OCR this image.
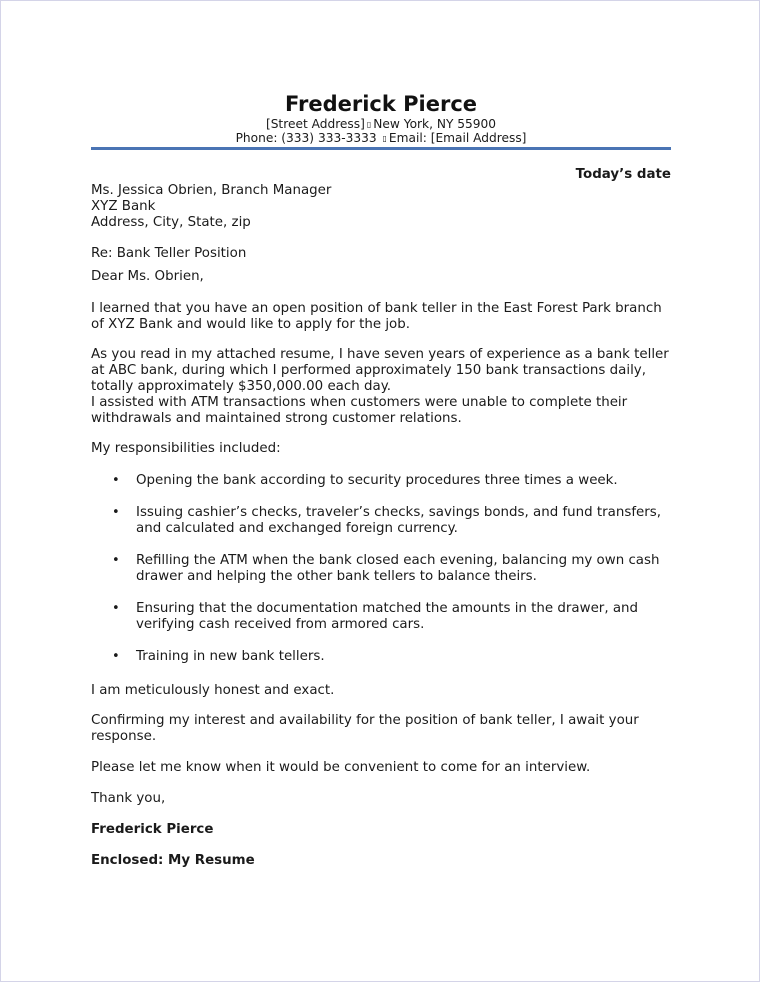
Frederick Pierce
[Street Address] ▯ New York, NY 55900
Phone: (333) 333-3333 ▯ Email: [Email Address]
Today’s date

Ms. Jessica Obrien, Branch Manager

XYZ Bank

Address, City, State, zip

Re: Bank Teller Position
Dear Ms. Obrien,
I learned that you have an open position of bank teller in the East Forest Park branch of XYZ Bank and would like to apply for the job.

As you read in my attached resume, I have seven years of experience as a bank teller at ABC bank, during which I performed approximately 150 bank transactions daily, totally approximately $350,000.00 each day.

I assisted with ATM transactions when customers were unable to complete their withdrawals and maintained strong customer relations.

My responsibilities included:
• Opening the bank according to security procedures three times a week.
• Issuing cashier’s checks, traveler’s checks, savings bonds, and fund transfers, and calculated and exchanged foreign currency.
• Refilling the ATM when the bank closed each evening, balancing my own cash drawer and helping the other bank tellers to balance theirs.
• Ensuring that the documentation matched the amounts in the drawer, and verifying cash received from armored cars.
• Training in new bank tellers.
I am meticulously honest and exact.
Confirming my interest and availability for the position of bank teller, I await your response.
Please let me know when it would be convenient to come for an interview.
Thank you,
Frederick Pierce
Enclosed: My Resume
